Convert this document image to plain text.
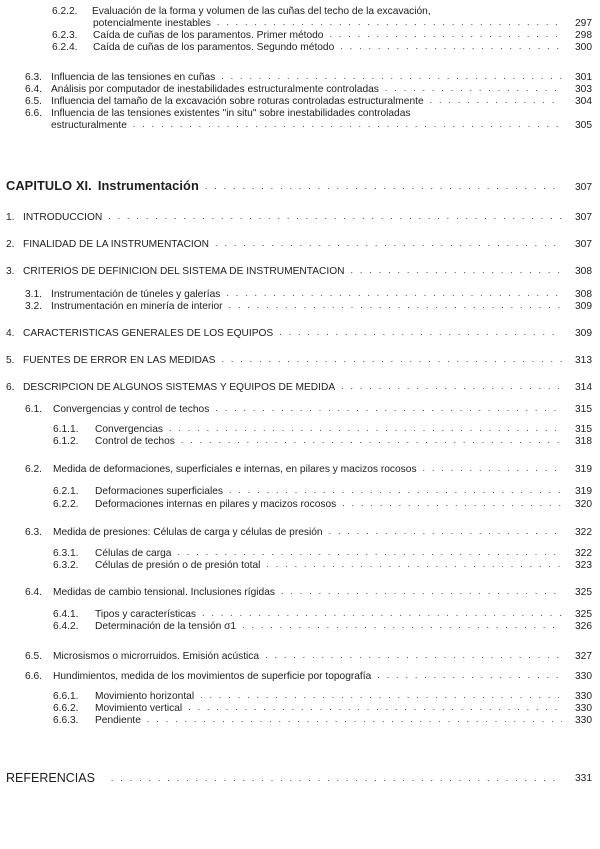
6.2.2. Evaluación de la forma y volumen de las cuñas del techo de la excavación,
potencialmente inestables . . .	297
6.2.3. Caída de cuñas de los paramentos. Primer método . . .	298
6.2.4. Caída de cuñas de los paramentos. Segundo método . . .	300
6.3. Influencia de las tensiones en cuñas . . .	301
6.4. Análisis por computador de inestabilidades estructuralmente controladas . . .	303
6.5. Influencia del tamaño de la excavación sobre roturas controladas estructuralmente . . .	304
6.6. Influencia de las tensiones existentes "in situ" sobre inestabilidades controladas
estructuralmente . . .	305
CAPITULO XI. Instrumentación . . .	307
1. INTRODUCCION . . .	307
2. FINALIDAD DE LA INSTRUMENTACION . . .	307
3. CRITERIOS DE DEFINICION DEL SISTEMA DE INSTRUMENTACION . . .	308
3.1. Instrumentación de túneles y galerías . . .	308
3.2. Instrumentación en minería de interior . . .	309
4. CARACTERISTICAS GENERALES DE LOS EQUIPOS . . .	309
5. FUENTES DE ERROR EN LAS MEDIDAS . . .	313
6. DESCRIPCION DE ALGUNOS SISTEMAS Y EQUIPOS DE MEDIDA . . .	314
6.1. Convergencias y control de techos . . .	315
6.1.1. Convergencias . . .	315
6.1.2. Control de techos . . .	318
6.2. Medida de deformaciones, superficiales e internas, en pilares y macizos rocosos . . .	319
6.2.1. Deformaciones superficiales . . .	319
6.2.2. Deformaciones internas en pilares y macizos rocosos . . .	320
6.3. Medida de presiones: Células de carga y células de presión . . .	322
6.3.1. Células de carga . . .	322
6.3.2. Células de presión o de presión total . . .	323
6.4. Medidas de cambio tensional. Inclusiones rígidas . . .	325
6.4.1. Tipos y características . . .	325
6.4.2. Determinación de la tensión σ1 . . .	326
6.5. Microsismos o microrruidos. Emisión acústica . . .	327
6.6. Hundimientos, medida de los movimientos de superficie por topografía . . .	330
6.6.1. Movimiento horizontal . . .	330
6.6.2. Movimiento vertical . . .	330
6.6.3. Pendiente . . .	330
REFERENCIAS . . .	331
